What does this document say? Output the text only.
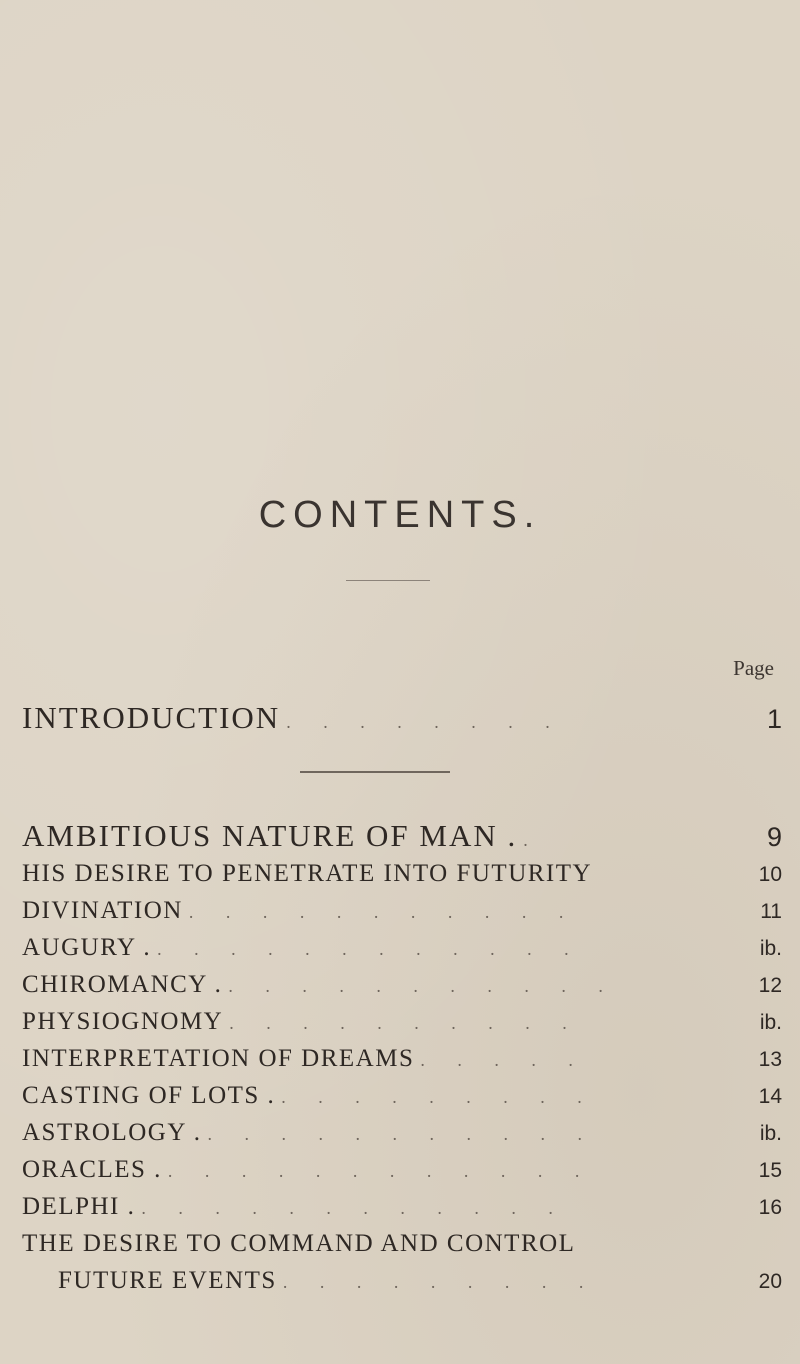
CONTENTS.
Page
INTRODUCTION . . . . . . . .	1
AMBITIOUS NATURE OF MAN . .	9
HIS DESIRE TO PENETRATE INTO FUTURITY	10
DIVINATION . . . . . . . . . . .	11
AUGURY . . . . . . . . . . . . .	ib.
CHIROMANCY . . . . . . . . . . . .	12
PHYSIOGNOMY . . . . . . . . . .	ib.
INTERPRETATION OF DREAMS . . . . .	13
CASTING OF LOTS . . . . . . . . . .	14
ASTROLOGY . . . . . . . . . . . .	ib.
ORACLES . . . . . . . . . . . . .	15
DELPHI . . . . . . . . . . . . .	16
THE DESIRE TO COMMAND AND CONTROL
FUTURE EVENTS . . . . . . . . .	20
